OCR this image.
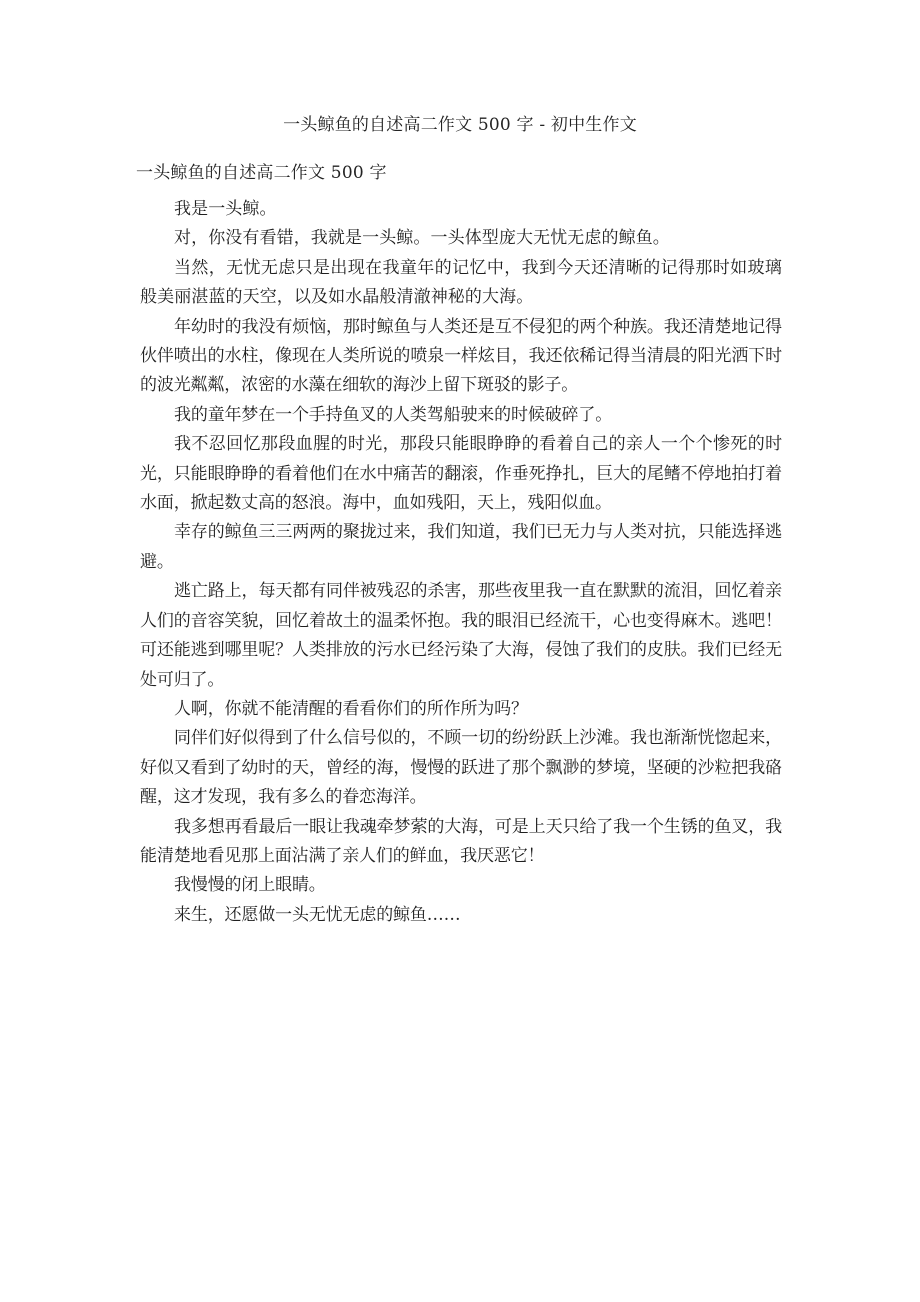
一头鲸鱼的自述高二作文 500 字 - 初中生作文
一头鲸鱼的自述高二作文 500 字

我是一头鲸。

对，你没有看错，我就是一头鲸。一头体型庞大无忧无虑的鲸鱼。

当然，无忧无虑只是出现在我童年的记忆中，我到今天还清晰的记得那时如玻璃般美丽湛蓝的天空，以及如水晶般清澈神秘的大海。

年幼时的我没有烦恼，那时鲸鱼与人类还是互不侵犯的两个种族。我还清楚地记得伙伴喷出的水柱，像现在人类所说的喷泉一样炫目，我还依稀记得当清晨的阳光洒下时的波光粼粼，浓密的水藻在细软的海沙上留下斑驳的影子。

我的童年梦在一个手持鱼叉的人类驾船驶来的时候破碎了。

我不忍回忆那段血腥的时光，那段只能眼睁睁的看着自己的亲人一个个惨死的时光，只能眼睁睁的看着他们在水中痛苦的翻滚，作垂死挣扎，巨大的尾鳍不停地拍打着水面，掀起数丈高的怒浪。海中，血如残阳，天上，残阳似血。

幸存的鲸鱼三三两两的聚拢过来，我们知道，我们已无力与人类对抗，只能选择逃避。

逃亡路上，每天都有同伴被残忍的杀害，那些夜里我一直在默默的流泪，回忆着亲人们的音容笑貌，回忆着故土的温柔怀抱。我的眼泪已经流干，心也变得麻木。逃吧！可还能逃到哪里呢？人类排放的污水已经污染了大海，侵蚀了我们的皮肤。我们已经无处可归了。

人啊，你就不能清醒的看看你们的所作所为吗？

同伴们好似得到了什么信号似的，不顾一切的纷纷跃上沙滩。我也渐渐恍惚起来，好似又看到了幼时的天，曾经的海，慢慢的跃进了那个飘渺的梦境，坚硬的沙粒把我硌醒，这才发现，我有多么的眷恋海洋。

我多想再看最后一眼让我魂牵梦萦的大海，可是上天只给了我一个生锈的鱼叉，我能清楚地看见那上面沾满了亲人们的鲜血，我厌恶它！

我慢慢的闭上眼睛。

来生，还愿做一头无忧无虑的鲸鱼……
